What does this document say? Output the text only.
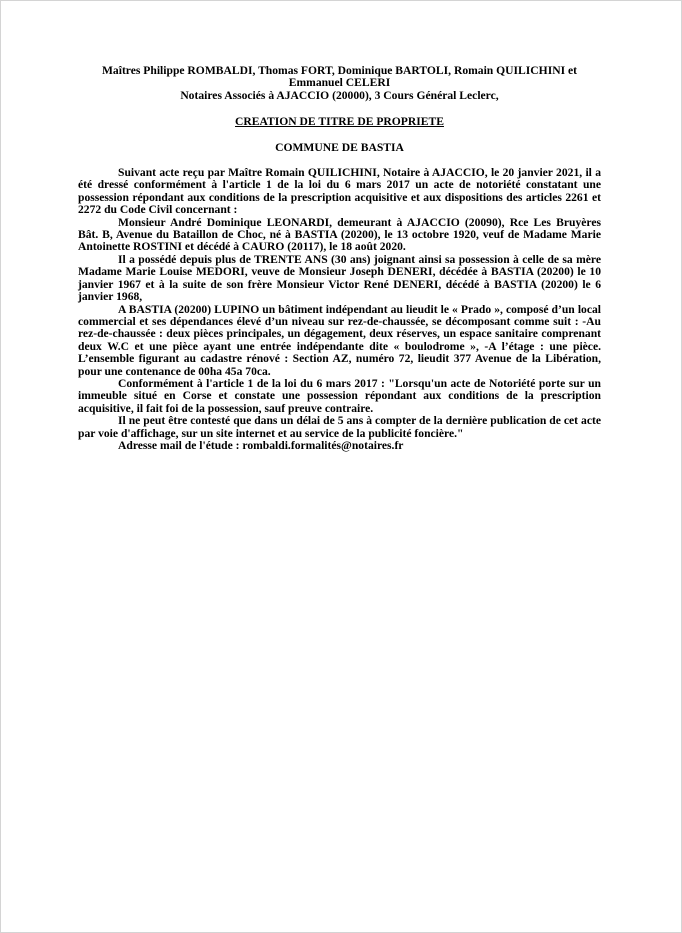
Maîtres Philippe ROMBALDI, Thomas FORT, Dominique BARTOLI, Romain QUILICHINI et Emmanuel CELERI

Notaires Associés à AJACCIO (20000), 3 Cours Général Leclerc,

CREATION DE TITRE DE PROPRIETE

COMMUNE DE BASTIA

Suivant acte reçu par Maître Romain QUILICHINI, Notaire à AJACCIO, le 20 janvier 2021, il a été dressé conformément à l'article 1 de la loi du 6 mars 2017 un acte de notoriété constatant une possession répondant aux conditions de la prescription acquisitive et aux dispositions des articles 2261 et 2272 du Code Civil concernant :

Monsieur André Dominique LEONARDI, demeurant à AJACCIO (20090), Rce Les Bruyères Bât. B, Avenue du Bataillon de Choc, né à BASTIA (20200), le 13 octobre 1920, veuf de Madame Marie Antoinette ROSTINI et décédé à CAURO (20117), le 18 août 2020.

Il a possédé depuis plus de TRENTE ANS (30 ans) joignant ainsi sa possession à celle de sa mère Madame Marie Louise MEDORI, veuve de Monsieur Joseph DENERI, décédée à BASTIA (20200) le 10 janvier 1967 et à la suite de son frère Monsieur Victor René DENERI, décédé à BASTIA (20200) le 6 janvier 1968,

A BASTIA (20200) LUPINO un bâtiment indépendant au lieudit le « Prado », composé d’un local commercial et ses dépendances élevé d’un niveau sur rez-de-chaussée, se décomposant comme suit : -Au rez-de-chaussée : deux pièces principales, un dégagement, deux réserves, un espace sanitaire comprenant deux W.C et une pièce ayant une entrée indépendante dite « boulodrome », -A l’étage : une pièce. L’ensemble figurant au cadastre rénové : Section AZ, numéro 72, lieudit 377 Avenue de la Libération, pour une contenance de 00ha 45a 70ca.

Conformément à l'article 1 de la loi du 6 mars 2017 : "Lorsqu'un acte de Notoriété porte sur un immeuble situé en Corse et constate une possession répondant aux conditions de la prescription acquisitive, il fait foi de la possession, sauf preuve contraire.

Il ne peut être contesté que dans un délai de 5 ans à compter de la dernière publication de cet acte par voie d'affichage, sur un site internet et au service de la publicité foncière."

Adresse mail de l'étude : rombaldi.formalités@notaires.fr
